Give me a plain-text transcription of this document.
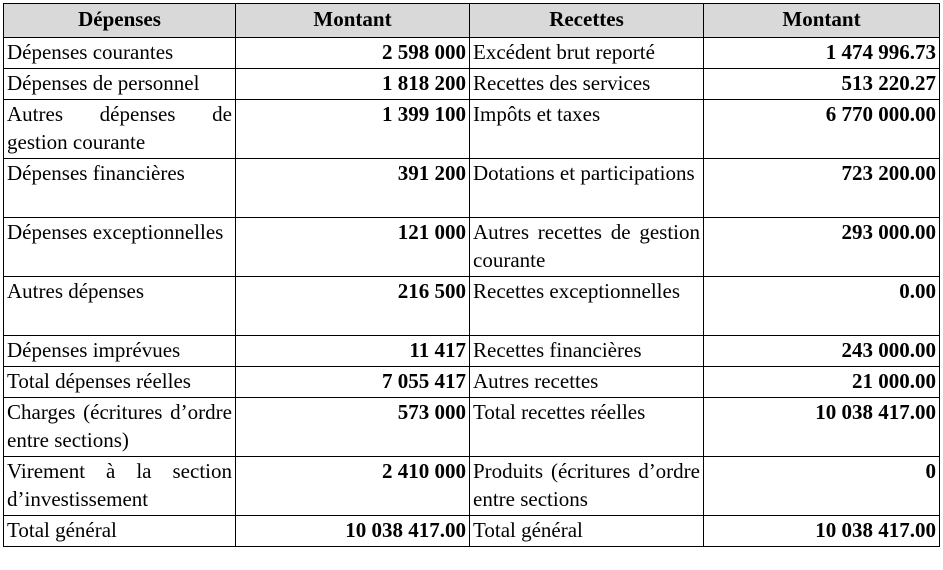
Dépenses	Montant	Recettes	Montant
Dépenses courantes	2 598 000	Excédent brut reporté	1 474 996.73
Dépenses de personnel	1 818 200	Recettes des services	513 220.27
Autres dépenses de gestion courante	1 399 100	Impôts et taxes	6 770 000.00
Dépenses financières	391 200	Dotations et participations	723 200.00
Dépenses exceptionnelles	121 000	Autres recettes de gestion courante	293 000.00
Autres dépenses	216 500	Recettes exceptionnelles	0.00
Dépenses imprévues	11 417	Recettes financières	243 000.00
Total dépenses réelles	7 055 417	Autres recettes	21 000.00
Charges (écritures d’ordre entre sections)	573 000	Total recettes réelles	10 038 417.00
Virement à la section d’investissement	2 410 000	Produits (écritures d’ordre entre sections	0
Total général	10 038 417.00	Total général	10 038 417.00
